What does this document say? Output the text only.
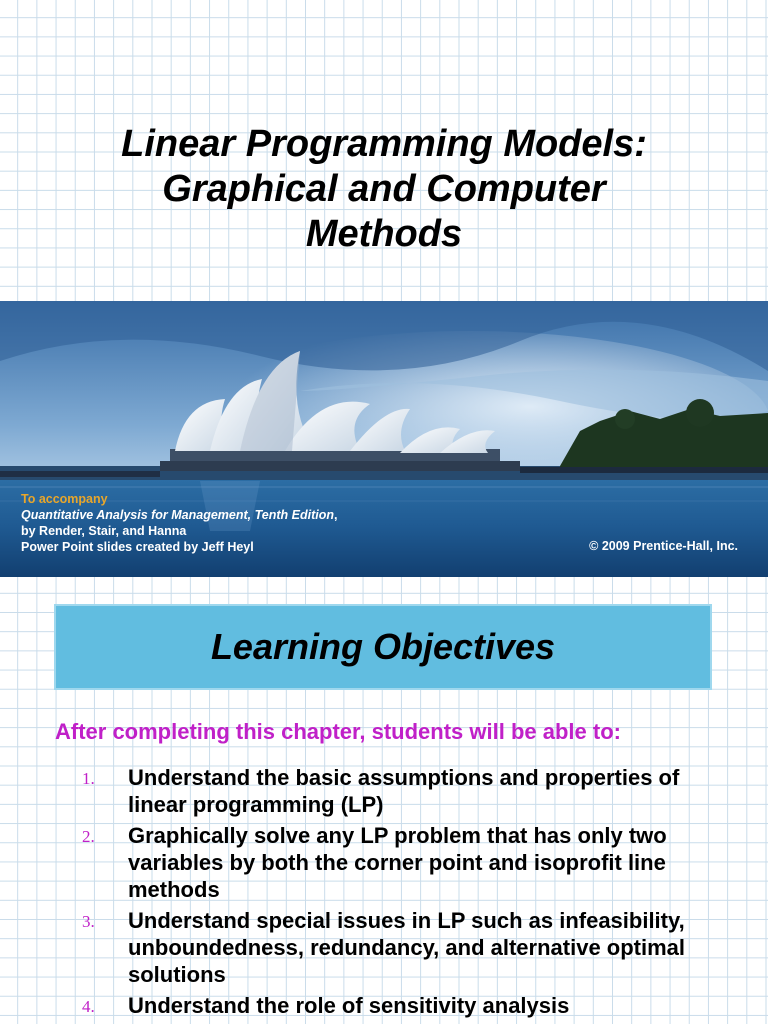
Linear Programming Models:
Graphical and Computer
Methods
To accompany
Quantitative Analysis for Management, Tenth Edition,
by Render, Stair, and Hanna
Power Point slides created by Jeff Heyl	© 2009 Prentice-Hall, Inc.
Learning Objectives
After completing this chapter, students will be able to:
1. Understand the basic assumptions and properties of linear programming (LP)
2. Graphically solve any LP problem that has only two variables by both the corner point and isoprofit line methods
3. Understand special issues in LP such as infeasibility, unboundedness, redundancy, and alternative optimal solutions
4. Understand the role of sensitivity analysis
